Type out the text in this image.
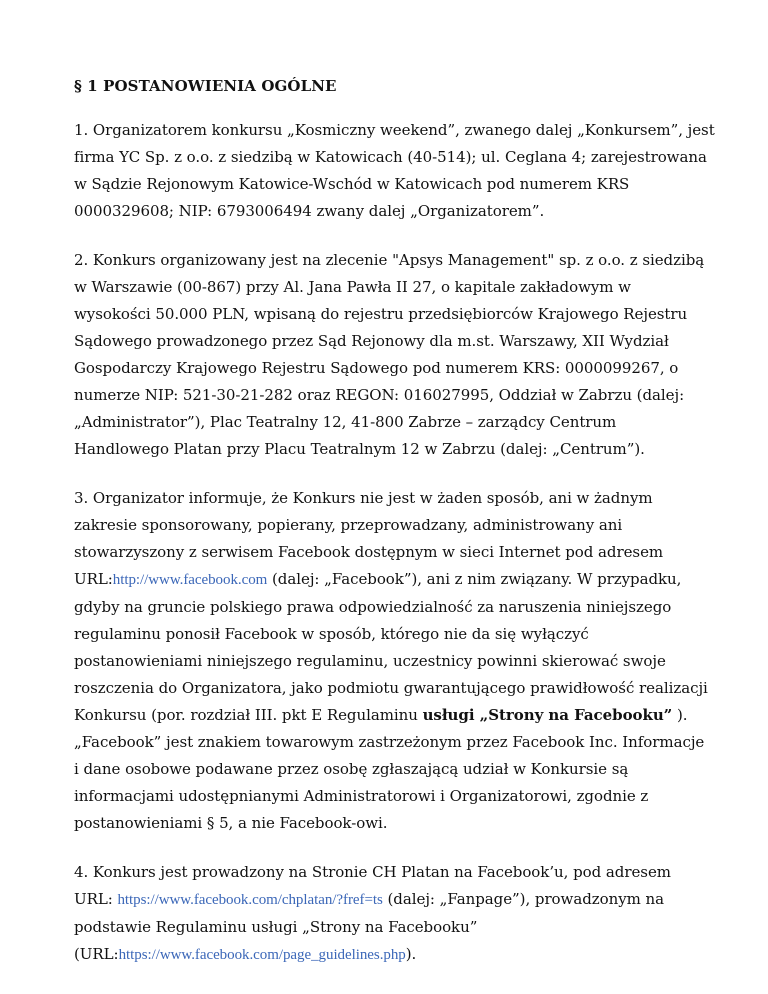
§ 1 POSTANOWIENIA OGÓLNE

1. Organizatorem konkursu „Kosmiczny weekend”, zwanego dalej „Konkursem”, jest
firma YC Sp. z o.o. z siedzibą w Katowicach (40-514); ul. Ceglana 4; zarejestrowana
w Sądzie Rejonowym Katowice-Wschód w Katowicach pod numerem KRS
0000329608; NIP: 6793006494 zwany dalej „Organizatorem”.

2. Konkurs organizowany jest na zlecenie "Apsys Management" sp. z o.o. z siedzibą
w Warszawie (00-867) przy Al. Jana Pawła II 27, o kapitale zakładowym w
wysokości 50.000 PLN, wpisaną do rejestru przedsiębiorców Krajowego Rejestru
Sądowego prowadzonego przez Sąd Rejonowy dla m.st. Warszawy, XII Wydział
Gospodarczy Krajowego Rejestru Sądowego pod numerem KRS: 0000099267, o
numerze NIP: 521-30-21-282 oraz REGON: 016027995, Oddział w Zabrzu (dalej:
„Administrator”), Plac Teatralny 12, 41-800 Zabrze – zarządcy Centrum
Handlowego Platan przy Placu Teatralnym 12 w Zabrzu (dalej: „Centrum”).

3. Organizator informuje, że Konkurs nie jest w żaden sposób, ani w żadnym
zakresie sponsorowany, popierany, przeprowadzany, administrowany ani
stowarzyszony z serwisem Facebook dostępnym w sieci Internet pod adresem
URL:http://www.facebook.com (dalej: „Facebook”), ani z nim związany. W przypadku,
gdyby na gruncie polskiego prawa odpowiedzialność za naruszenia niniejszego
regulaminu ponosił Facebook w sposób, którego nie da się wyłączyć
postanowieniami niniejszego regulaminu, uczestnicy powinni skierować swoje
roszczenia do Organizatora, jako podmiotu gwarantującego prawidłowość realizacji
Konkursu (por. rozdział III. pkt E Regulaminu usługi „Strony na Facebooku” ).
„Facebook” jest znakiem towarowym zastrzeżonym przez Facebook Inc. Informacje
i dane osobowe podawane przez osobę zgłaszającą udział w Konkursie są
informacjami udostępnianymi Administratorowi i Organizatorowi, zgodnie z
postanowieniami § 5, a nie Facebook-owi.

4. Konkurs jest prowadzony na Stronie CH Platan na Facebook’u, pod adresem
URL: https://www.facebook.com/chplatan/?fref=ts (dalej: „Fanpage”), prowadzonym na
podstawie Regulaminu usługi „Strony na Facebooku”
(URL:https://www.facebook.com/page_guidelines.php).
